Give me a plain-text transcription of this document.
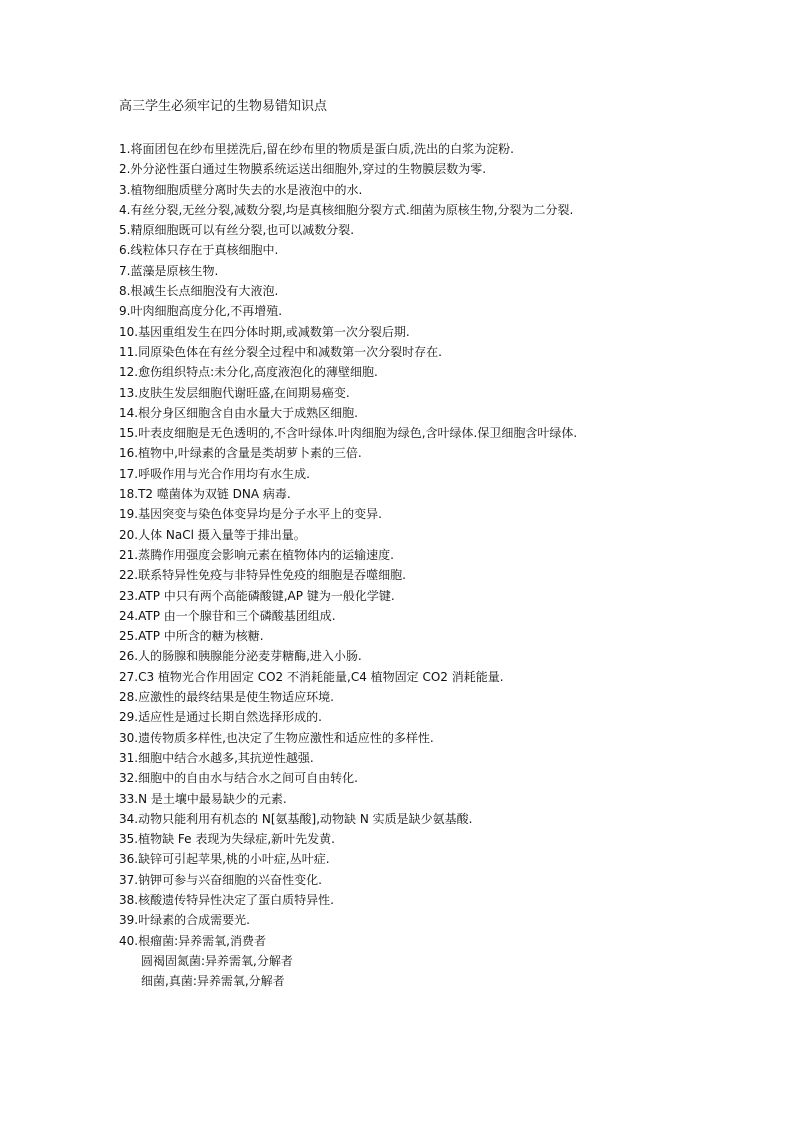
高三学生必须牢记的生物易错知识点
1.将面团包在纱布里搓洗后,留在纱布里的物质是蛋白质,洗出的白浆为淀粉.
2.外分泌性蛋白通过生物膜系统运送出细胞外,穿过的生物膜层数为零.
3.植物细胞质壁分离时失去的水是液泡中的水.
4.有丝分裂,无丝分裂,减数分裂,均是真核细胞分裂方式.细菌为原核生物,分裂为二分裂.
5.精原细胞既可以有丝分裂,也可以减数分裂.
6.线粒体只存在于真核细胞中.
7.蓝藻是原核生物.
8.根减生长点细胞没有大液泡.
9.叶肉细胞高度分化,不再增殖.
10.基因重组发生在四分体时期,或减数第一次分裂后期.
11.同原染色体在有丝分裂全过程中和减数第一次分裂时存在.
12.愈伤组织特点:未分化,高度液泡化的薄壁细胞.
13.皮肤生发层细胞代谢旺盛,在间期易癌变.
14.根分身区细胞含自由水量大于成熟区细胞.
15.叶表皮细胞是无色透明的,不含叶绿体.叶肉细胞为绿色,含叶绿体.保卫细胞含叶绿体.
16.植物中,叶绿素的含量是类胡萝卜素的三倍.
17.呼吸作用与光合作用均有水生成.
18.T2 噬菌体为双链 DNA 病毒.
19.基因突变与染色体变异均是分子水平上的变异.
20.人体 NaCl 摄入量等于排出量。
21.蒸腾作用强度会影响元素在植物体内的运输速度.
22.联系特异性免疫与非特异性免疫的细胞是吞噬细胞.
23.ATP 中只有两个高能磷酸键,AP 键为一般化学键.
24.ATP 由一个腺苷和三个磷酸基团组成.
25.ATP 中所含的糖为核糖.
26.人的肠腺和胰腺能分泌麦芽糖酶,进入小肠.
27.C3 植物光合作用固定 CO2 不消耗能量,C4 植物固定 CO2 消耗能量.
28.应激性的最终结果是使生物适应环境.
29.适应性是通过长期自然选择形成的.
30.遗传物质多样性,也决定了生物应激性和适应性的多样性.
31.细胞中结合水越多,其抗逆性越强.
32.细胞中的自由水与结合水之间可自由转化.
33.N 是土壤中最易缺少的元素.
34.动物只能利用有机态的 N[氨基酸],动物缺 N 实质是缺少氨基酸.
35.植物缺 Fe 表现为失绿症,新叶先发黄.
36.缺锌可引起苹果,桃的小叶症,丛叶症.
37.钠钾可参与兴奋细胞的兴奋性变化.
38.核酸遗传特异性决定了蛋白质特异性.
39.叶绿素的合成需要光.
40.根瘤菌:异养需氧,消费者
圆褐固氮菌:异养需氧,分解者
细菌,真菌:异养需氧,分解者
